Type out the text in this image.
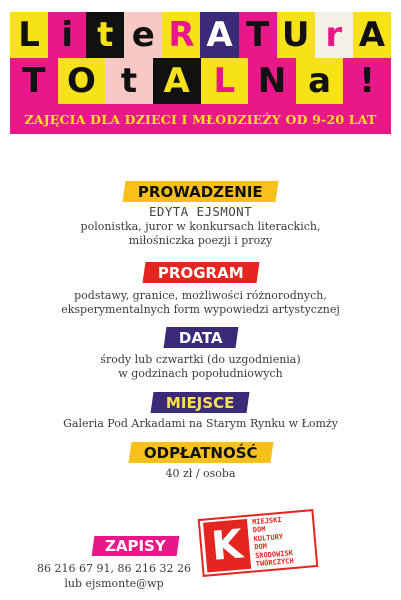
L i t e R A T U r A
T O t A L N a !
ZAJĘCIA DLA DZIECI I MŁODZIEŻY OD 9-20 LAT
PROWADZENIE
EDYTA EJSMONT
polonistka, juror w konkursach literackich,
miłośniczka poezji i prozy
PROGRAM
podstawy, granice, możliwości różnorodnych,
eksperymentalnych form wypowiedzi artystycznej
DATA
środy lub czwartki (do uzgodnienia)
w godzinach popołudniowych
MIEJSCE
Galeria Pod Arkadami na Starym Rynku w Łomży
ODPŁATNOŚĆ
40 zł / osoba
ZAPISY
86 216 67 91, 86 216 32 26
lub ejsmonte@wp
K
MIEJSKI
DOM
KULTURY
DOM
ŚRODOWISK
TWÓRCZYCH
